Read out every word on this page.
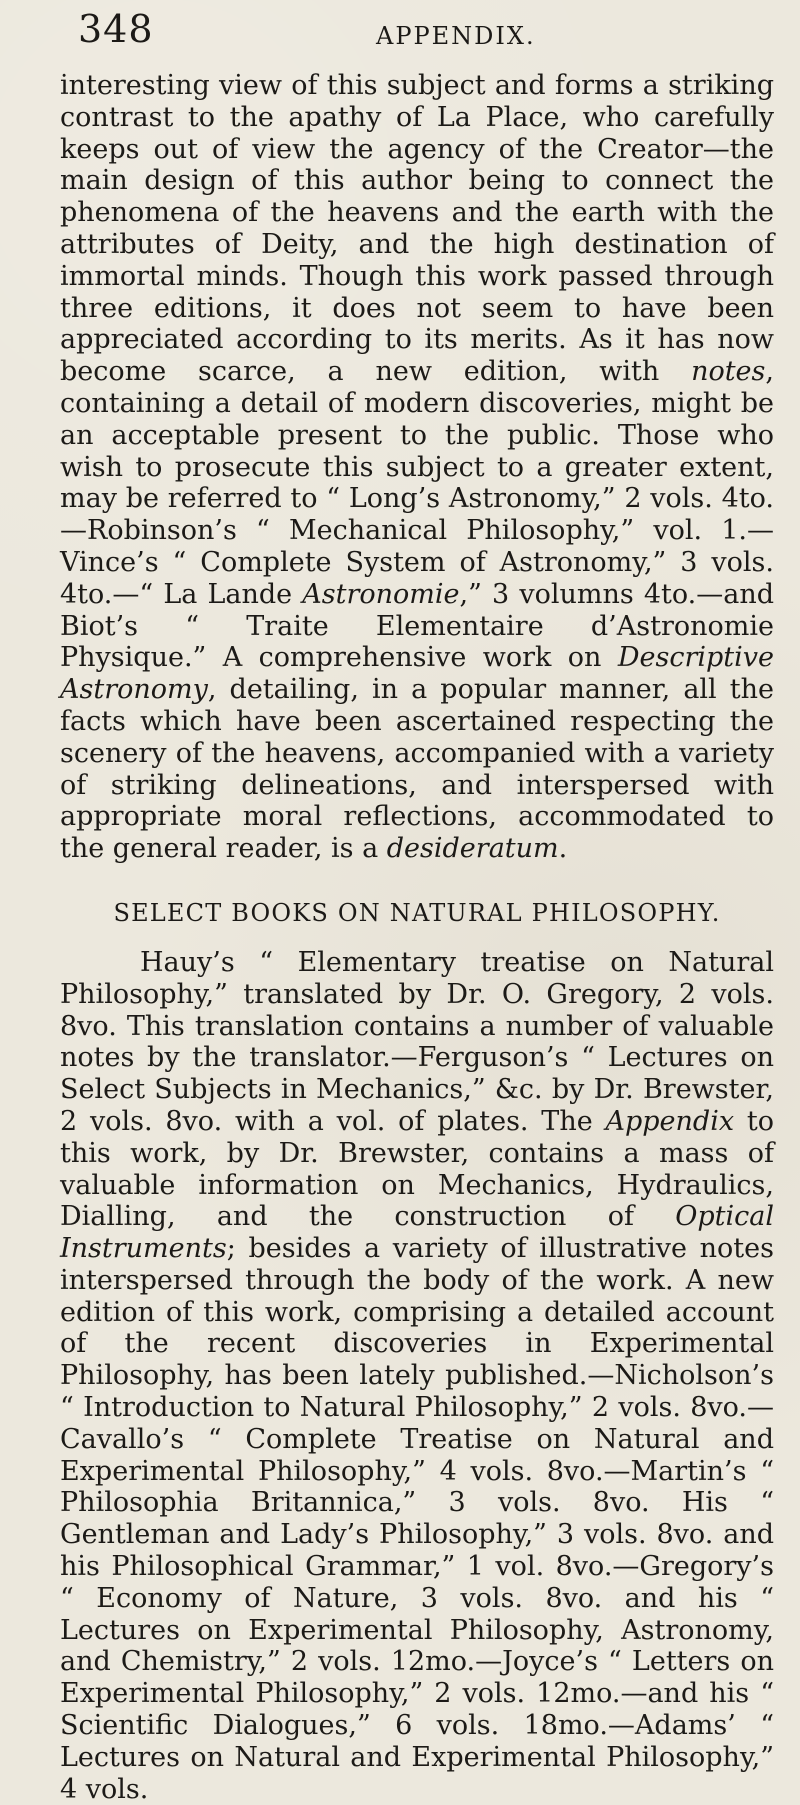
348	APPENDIX.

interesting view of this subject and forms a striking contrast to the apathy of La Place, who carefully keeps out of view the agency of the Creator—the main design of this author being to connect the phenomena of the heavens and the earth with the attributes of Deity, and the high destination of immortal minds. Though this work passed through three editions, it does not seem to have been appreciated according to its merits. As it has now become scarce, a new edition, with notes, containing a detail of modern discoveries, might be an acceptable present to the public. Those who wish to prosecute this subject to a greater extent, may be referred to “ Long’s Astronomy,” 2 vols. 4to.—Robinson’s “ Mechanical Philosophy,” vol. 1.—Vince’s “ Complete System of Astronomy,” 3 vols. 4to.—“ La Lande Astronomie,” 3 volumns 4to.—and Biot’s “ Traite Elementaire d’Astronomie Physique.” A comprehensive work on Descriptive Astronomy, detailing, in a popular manner, all the facts which have been ascertained respecting the scenery of the heavens, accompanied with a variety of striking delineations, and interspersed with appropriate moral reflections, accommodated to the general reader, is a desideratum.

SELECT BOOKS ON NATURAL PHILOSOPHY.

Hauy’s “ Elementary treatise on Natural Philosophy,” translated by Dr. O. Gregory, 2 vols. 8vo. This translation contains a number of valuable notes by the translator.—Ferguson’s “ Lectures on Select Subjects in Mechanics,” &c. by Dr. Brewster, 2 vols. 8vo. with a vol. of plates. The Appendix to this work, by Dr. Brewster, contains a mass of valuable information on Mechanics, Hydraulics, Dialling, and the construction of Optical Instruments; besides a variety of illustrative notes interspersed through the body of the work. A new edition of this work, comprising a detailed account of the recent discoveries in Experimental Philosophy, has been lately published.—Nicholson’s “ Introduction to Natural Philosophy,” 2 vols. 8vo.—Cavallo’s “ Complete Treatise on Natural and Experimental Philosophy,” 4 vols. 8vo.—Martin’s “ Philosophia Britannica,” 3 vols. 8vo. His “ Gentleman and Lady’s Philosophy,” 3 vols. 8vo. and his Philosophical Grammar,” 1 vol. 8vo.—Gregory’s “ Economy of Nature, 3 vols. 8vo. and his “ Lectures on Experimental Philosophy, Astronomy, and Chemistry,” 2 vols. 12mo.—Joyce’s “ Letters on Experimental Philosophy,” 2 vols. 12mo.—and his “ Scientific Dialogues,” 6 vols. 18mo.—Adams’ “ Lectures on Natural and Experimental Philosophy,” 4 vols.
